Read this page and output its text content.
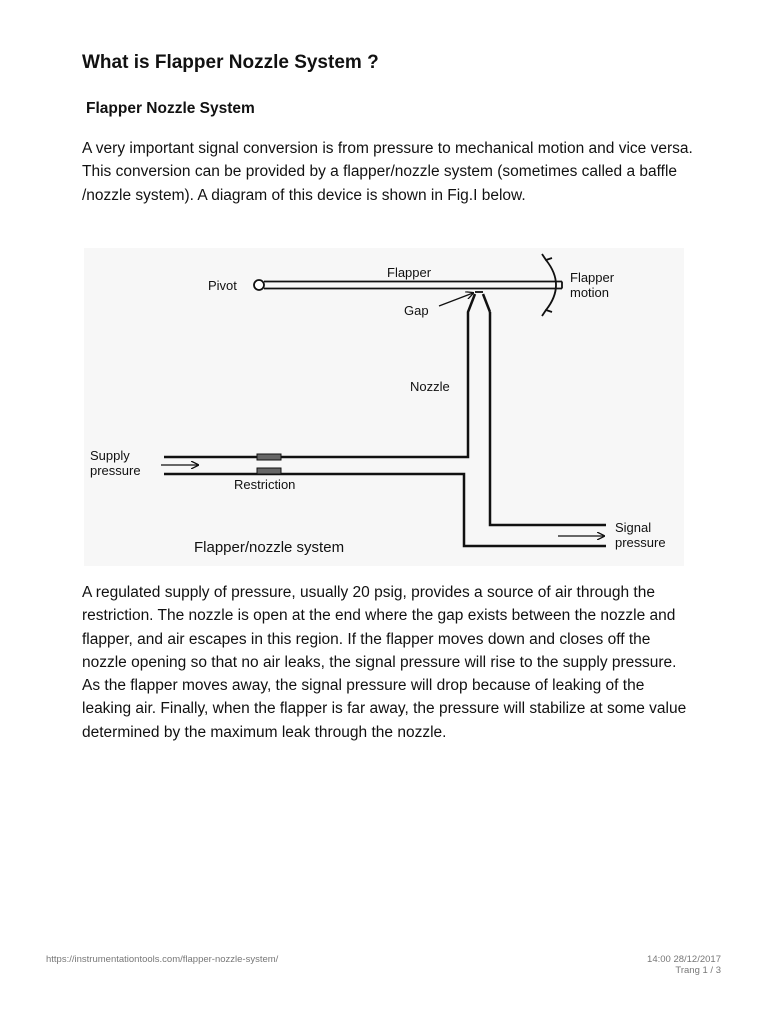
What is Flapper Nozzle System ?
Flapper Nozzle System

A very important signal conversion is from pressure to mechanical motion and vice versa. This conversion can be provided by a flapper/nozzle system (sometimes called a baffle /nozzle system). A diagram of this device is shown in Fig.I below.

Pivot
Flapper	Flapper
motion
Gap
Nozzle
Supply
pressure
Restriction
Signal
pressure
Flapper/nozzle system

A regulated supply of pressure, usually 20 psig, provides a source of air through the restriction. The nozzle is open at the end where the gap exists between the nozzle and flapper, and air escapes in this region. If the flapper moves down and closes off the nozzle opening so that no air leaks, the signal pressure will rise to the supply pressure. As the flapper moves away, the signal pressure will drop because of leaking of the leaking air. Finally, when the flapper is far away, the pressure will stabilize at some value determined by the maximum leak through the nozzle.

https://instrumentationtools.com/flapper-nozzle-system/	14:00 28/12/2017
Trang 1 / 3
